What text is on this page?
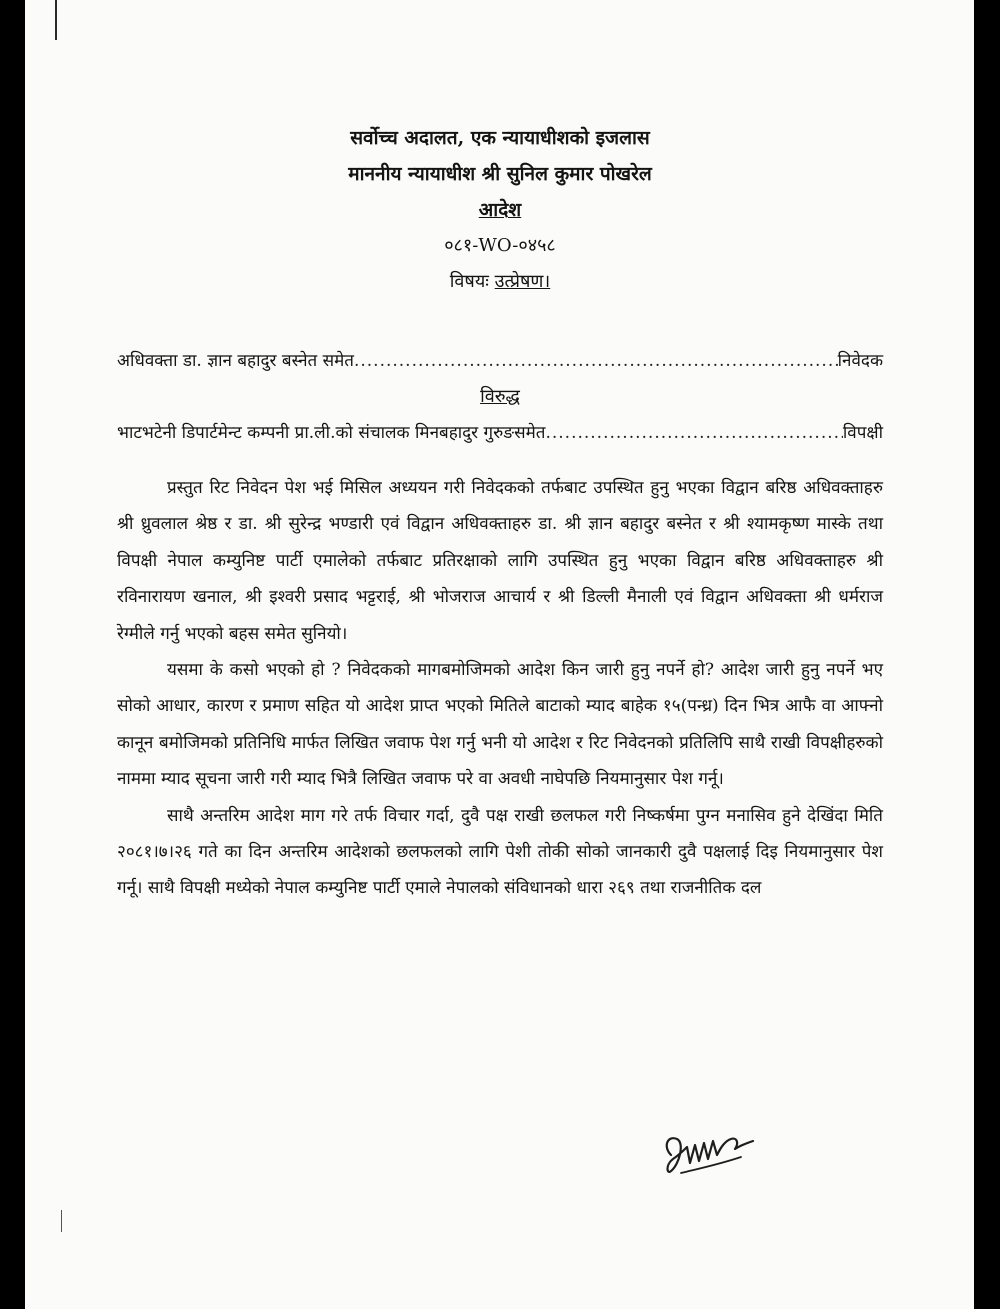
सर्वोच्च अदालत, एक न्यायाधीशको इजलास

माननीय न्यायाधीश श्री सुनिल कुमार पोखरेल

आदेश

०८१-WO-०४५८

विषयः उत्प्रेषण।

अधिवक्ता डा. ज्ञान बहादुर बस्नेत समेत .....	निवेदक
विरुद्ध
भाटभटेनी डिपार्टमेन्ट कम्पनी प्रा.ली.को संचालक मिनबहादुर गुरुङसमेत .....	विपक्षी

प्रस्तुत रिट निवेदन पेश भई मिसिल अध्ययन गरी निवेदकको तर्फबाट उपस्थित हुनु भएका विद्वान बरिष्ठ अधिवक्ताहरु श्री ध्रुवलाल श्रेष्ठ र डा. श्री सुरेन्द्र भण्डारी एवं विद्वान अधिवक्ताहरु डा. श्री ज्ञान बहादुर बस्नेत र श्री श्यामकृष्ण मास्के तथा विपक्षी नेपाल कम्युनिष्ट पार्टी एमालेको तर्फबाट प्रतिरक्षाको लागि उपस्थित हुनु भएका विद्वान बरिष्ठ अधिवक्ताहरु श्री रविनारायण खनाल, श्री इश्वरी प्रसाद भट्टराई, श्री भोजराज आचार्य र श्री डिल्ली मैनाली एवं विद्वान अधिवक्ता श्री धर्मराज रेग्मीले गर्नु भएको बहस समेत सुनियो।

यसमा के कसो भएको हो ? निवेदकको मागबमोजिमको आदेश किन जारी हुनु नपर्ने हो? आदेश जारी हुनु नपर्ने भए सोको आधार, कारण र प्रमाण सहित यो आदेश प्राप्त भएको मितिले बाटाको म्याद बाहेक १५(पन्ध्र) दिन भित्र आफै वा आफ्नो कानून बमोजिमको प्रतिनिधि मार्फत लिखित जवाफ पेश गर्नु भनी यो आदेश र रिट निवेदनको प्रतिलिपि साथै राखी विपक्षीहरुको नाममा म्याद सूचना जारी गरी म्याद भित्रै लिखित जवाफ परे वा अवधी नाघेपछि नियमानुसार पेश गर्नू।

साथै अन्तरिम आदेश माग गरे तर्फ विचार गर्दा, दुवै पक्ष राखी छलफल गरी निष्कर्षमा पुग्न मनासिव हुने देखिंदा मिति २०८१।७।२६ गते का दिन अन्तरिम आदेशको छलफलको लागि पेशी तोकी सोको जानकारी दुवै पक्षलाई दिइ नियमानुसार पेश गर्नू। साथै विपक्षी मध्येको नेपाल कम्युनिष्ट पार्टी एमाले नेपालको संविधानको धारा २६९ तथा राजनीतिक दल
